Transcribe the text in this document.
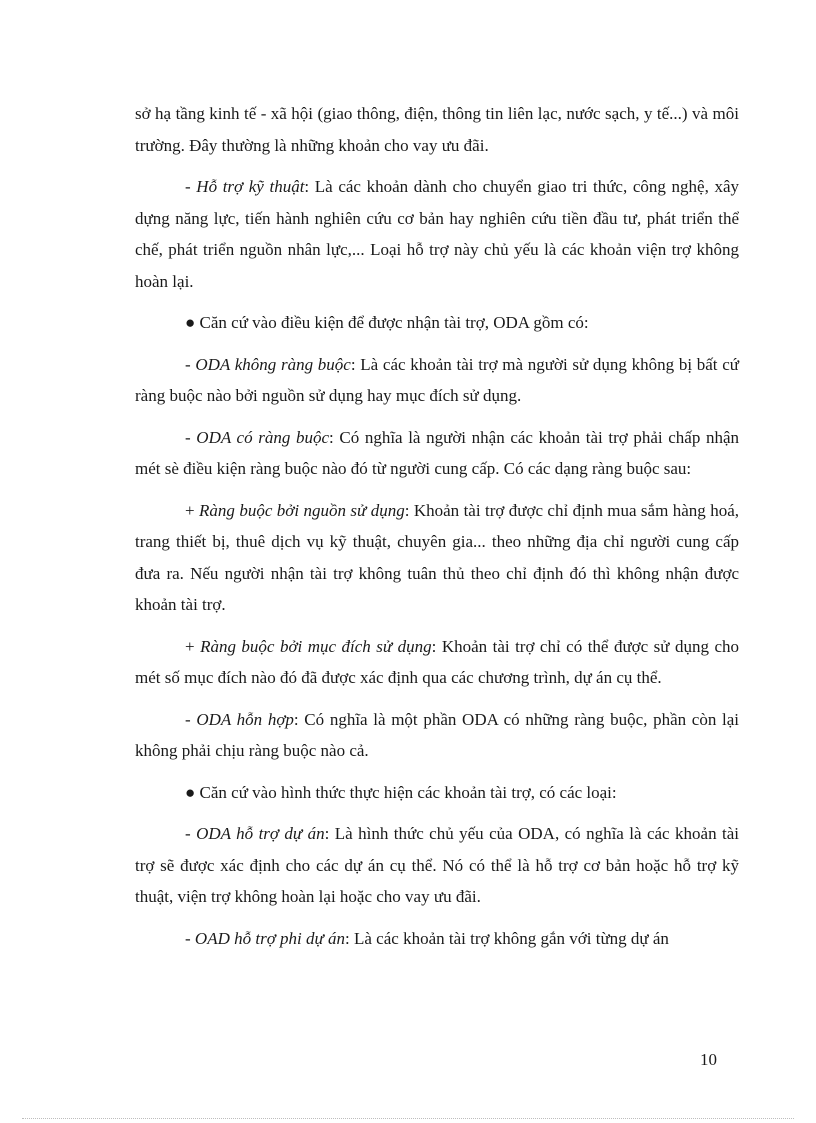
sở hạ tầng kinh tế - xã hội (giao thông, điện, thông tin liên lạc, nước sạch, y tế...) và môi trường. Đây thường là những khoản cho vay ưu đãi.

- Hỗ trợ kỹ thuật: Là các khoản dành cho chuyển giao tri thức, công nghệ, xây dựng năng lực, tiến hành nghiên cứu cơ bản hay nghiên cứu tiền đầu tư, phát triển thể chế, phát triển nguồn nhân lực,... Loại hỗ trợ này chủ yếu là các khoản viện trợ không hoàn lại.

● Căn cứ vào điều kiện để được nhận tài trợ, ODA gồm có:

- ODA không ràng buộc: Là các khoản tài trợ mà người sử dụng không bị bất cứ ràng buộc nào bởi nguồn sử dụng hay mục đích sử dụng.

- ODA có ràng buộc: Có nghĩa là người nhận các khoản tài trợ phải chấp nhận mét sè điều kiện ràng buộc nào đó từ người cung cấp. Có các dạng ràng buộc sau:

+ Ràng buộc bởi nguồn sử dụng: Khoản tài trợ được chỉ định mua sắm hàng hoá, trang thiết bị, thuê dịch vụ kỹ thuật, chuyên gia... theo những địa chỉ người cung cấp đưa ra. Nếu người nhận tài trợ không tuân thủ theo chỉ định đó thì không nhận được khoản tài trợ.

+ Ràng buộc bởi mục đích sử dụng: Khoản tài trợ chỉ có thể được sử dụng cho mét số mục đích nào đó đã được xác định qua các chương trình, dự án cụ thể.

- ODA hỗn hợp: Có nghĩa là một phần ODA có những ràng buộc, phần còn lại không phải chịu ràng buộc nào cả.

● Căn cứ vào hình thức thực hiện các khoản tài trợ, có các loại:

- ODA hỗ trợ dự án: Là hình thức chủ yếu của ODA, có nghĩa là các khoản tài trợ sẽ được xác định cho các dự án cụ thể. Nó có thể là hỗ trợ cơ bản hoặc hỗ trợ kỹ thuật, viện trợ không hoàn lại hoặc cho vay ưu đãi.

- OAD hỗ trợ phi dự án: Là các khoản tài trợ không gắn với từng dự án

10
